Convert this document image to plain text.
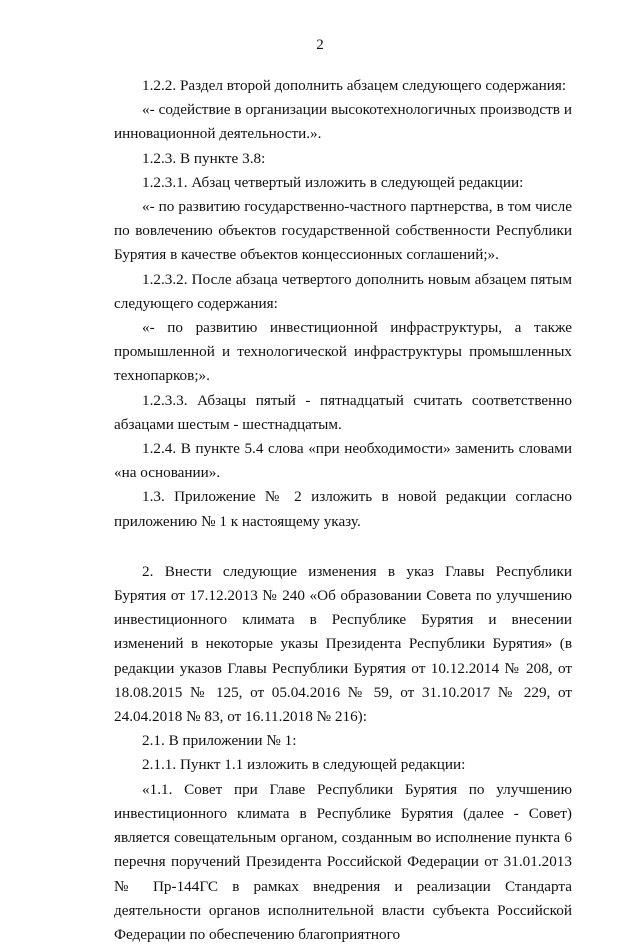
2

1.2.2. Раздел второй дополнить абзацем следующего содержания:

«- содействие в организации высокотехнологичных производств и инновационной деятельности.».

1.2.3. В пункте 3.8:

1.2.3.1. Абзац четвертый изложить в следующей редакции:

«- по развитию государственно-частного партнерства, в том числе по вовлечению объектов государственной собственности Республики Бурятия в качестве объектов концессионных соглашений;».

1.2.3.2. После абзаца четвертого дополнить новым абзацем пятым следующего содержания:

«- по развитию инвестиционной инфраструктуры, а также промышленной и технологической инфраструктуры промышленных технопарков;».

1.2.3.3. Абзацы пятый - пятнадцатый считать соответственно абзацами шестым - шестнадцатым.

1.2.4. В пункте 5.4 слова «при необходимости» заменить словами «на основании».

1.3. Приложение № 2 изложить в новой редакции согласно приложению № 1 к настоящему указу.

2. Внести следующие изменения в указ Главы Республики Бурятия от 17.12.2013 № 240 «Об образовании Совета по улучшению инвестиционного климата в Республике Бурятия и внесении изменений в некоторые указы Президента Республики Бурятия» (в редакции указов Главы Республики Бурятия от 10.12.2014 № 208, от 18.08.2015 № 125, от 05.04.2016 № 59, от 31.10.2017 № 229, от 24.04.2018 № 83, от 16.11.2018 № 216):

2.1. В приложении № 1:

2.1.1. Пункт 1.1 изложить в следующей редакции:

«1.1. Совет при Главе Республики Бурятия по улучшению инвестиционного климата в Республике Бурятия (далее - Совет) является совещательным органом, созданным во исполнение пункта 6 перечня поручений Президента Российской Федерации от 31.01.2013 № Пр-144ГС в рамках внедрения и реализации Стандарта деятельности органов исполнительной власти субъекта Российской Федерации по обеспечению благоприятного
